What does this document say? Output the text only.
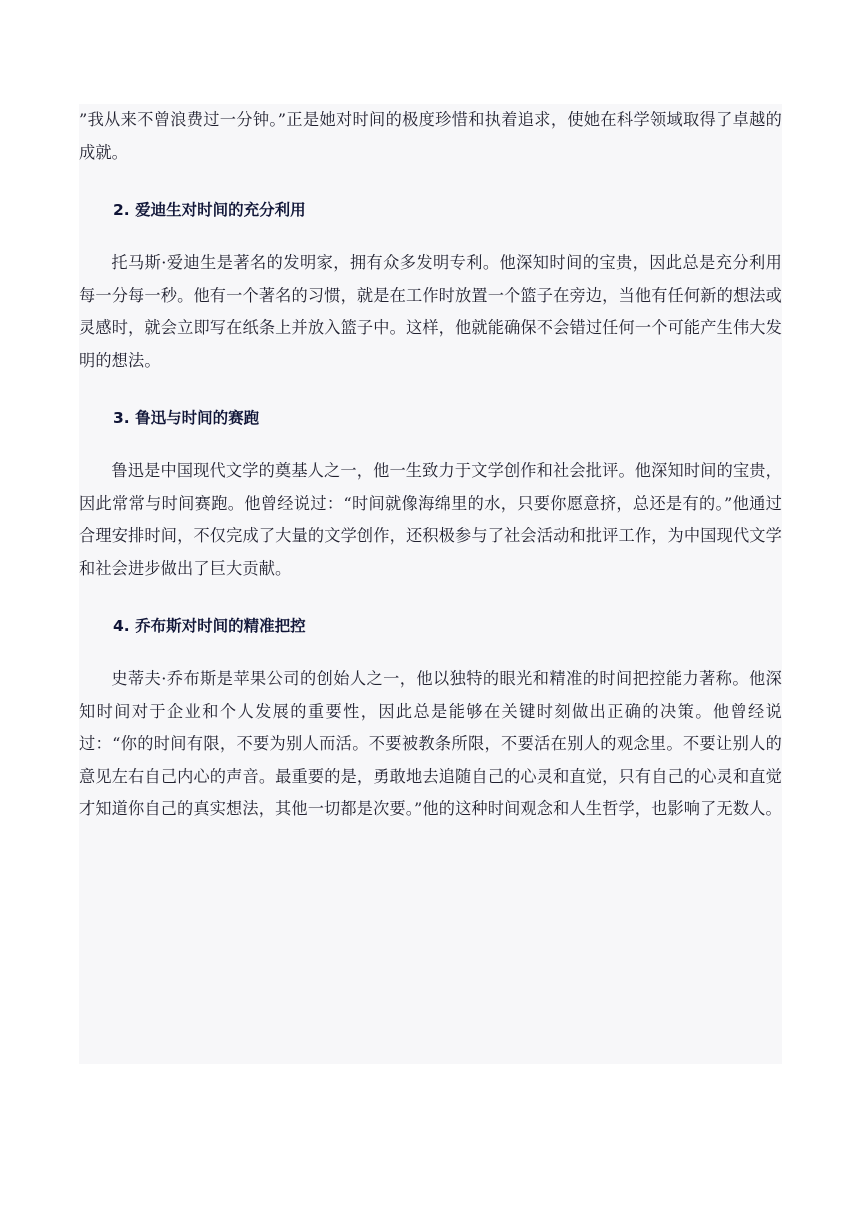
”我从来不曾浪费过一分钟。”正是她对时间的极度珍惜和执着追求，使她在科学领域取得了卓越的成就。

2. 爱迪生对时间的充分利用

托马斯·爱迪生是著名的发明家，拥有众多发明专利。他深知时间的宝贵，因此总是充分利用每一分每一秒。他有一个著名的习惯，就是在工作时放置一个篮子在旁边，当他有任何新的想法或灵感时，就会立即写在纸条上并放入篮子中。这样，他就能确保不会错过任何一个可能产生伟大发明的想法。

3. 鲁迅与时间的赛跑

鲁迅是中国现代文学的奠基人之一，他一生致力于文学创作和社会批评。他深知时间的宝贵，因此常常与时间赛跑。他曾经说过：“时间就像海绵里的水，只要你愿意挤，总还是有的。”他通过合理安排时间，不仅完成了大量的文学创作，还积极参与了社会活动和批评工作，为中国现代文学和社会进步做出了巨大贡献。

4. 乔布斯对时间的精准把控

史蒂夫·乔布斯是苹果公司的创始人之一，他以独特的眼光和精准的时间把控能力著称。他深知时间对于企业和个人发展的重要性，因此总是能够在关键时刻做出正确的决策。他曾经说过：“你的时间有限，不要为别人而活。不要被教条所限，不要活在别人的观念里。不要让别人的意见左右自己内心的声音。最重要的是，勇敢地去追随自己的心灵和直觉，只有自己的心灵和直觉才知道你自己的真实想法，其他一切都是次要。”他的这种时间观念和人生哲学，也影响了无数人。
